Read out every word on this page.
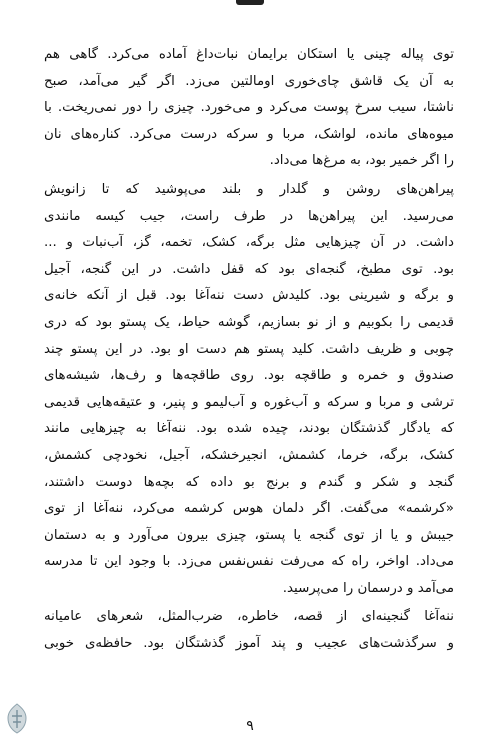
توی پیاله چینی یا استکان برایمان نبات‌داغ آماده می‌کرد. گاهی هم
به آن یک قاشق چای‌خوری اومالتین می‌زد. اگر گیر می‌آمد، صبح
ناشتا، سیب سرخ پوست می‌کرد و می‌خورد. چیزی را دور نمی‌ریخت. با
میوه‌های مانده، لواشک، مربا و سرکه درست می‌کرد. کناره‌های نان
را اگر خمیر بود، به مرغ‌ها می‌داد.

پیراهن‌های روشن و گلدار و بلند می‌پوشید که تا زانویش
می‌رسید. این پیراهن‌ها در طرف راست، جیب کیسه مانندی
داشت. در آن چیزهایی مثل برگه، کشک، تخمه، گز، آب‌نبات و ...
بود. توی مطبخ، گنجه‌ای بود که قفل داشت. در این گنجه، آجیل
و برگه و شیرینی بود. کلیدش دست ننه‌آغا بود. قبل از آنکه خانه‌ی
قدیمی را بکوبیم و از نو بسازیم، گوشه حیاط، یک پستو بود که دری
چوبی و ظریف داشت. کلید پستو هم دست او بود. در این پستو چند
صندوق و خمره و طاقچه بود. روی طاقچه‌ها و رف‌ها، شیشه‌های
ترشی و مربا و سرکه و آب‌غوره و آب‌لیمو و پنیر، و عتیقه‌هایی قدیمی
که یادگار گذشتگان بودند، چیده شده بود. ننه‌آغا به چیزهایی مانند
کشک، برگه، خرما، کشمش، انجیرخشکه، آجیل، نخودچی کشمش،
گنجد و شکر و گندم و برنج بو داده که بچه‌ها دوست داشتند،
«کرشمه» می‌گفت. اگر دلمان هوس کرشمه می‌کرد، ننه‌آغا از توی
جیبش و یا از توی گنجه یا پستو، چیزی بیرون می‌آورد و به دستمان
می‌داد. اواخر، راه که می‌رفت نفس‌نفس می‌زد. با وجود این تا مدرسه
می‌آمد و درسمان را می‌پرسید.

ننه‌آغا گنجینه‌ای از قصه، خاطره، ضرب‌المثل، شعرهای عامیانه
و سرگذشت‌های عجیب و پند آموز گذشتگان بود. حافظه‌ی خوبی

۹
